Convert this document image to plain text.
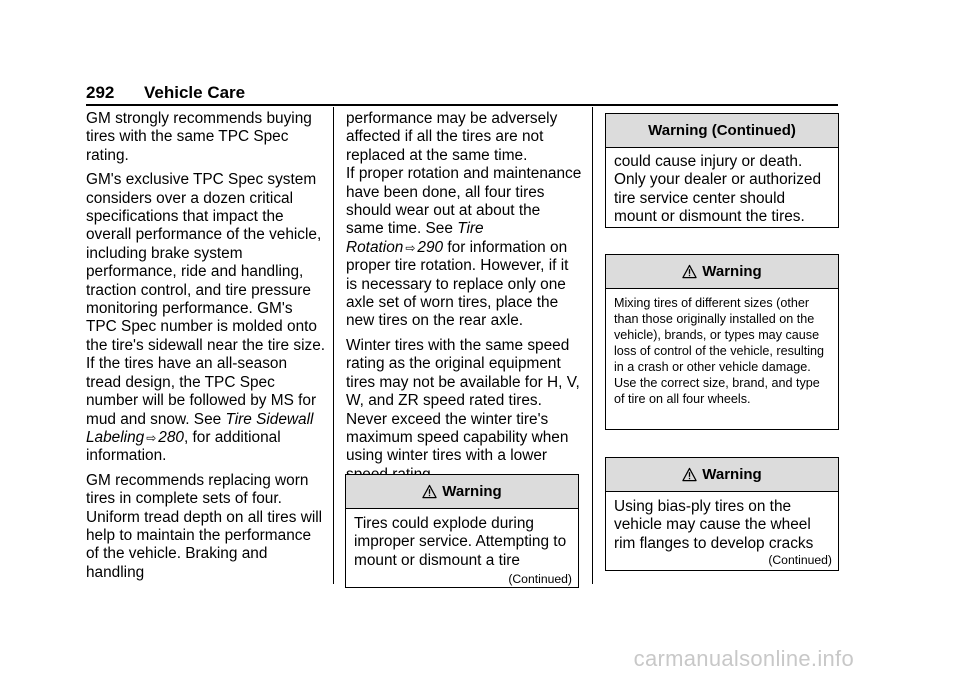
292 Vehicle Care

GM strongly recommends buying tires with the same TPC Spec rating.

GM's exclusive TPC Spec system considers over a dozen critical specifications that impact the overall performance of the vehicle, including brake system performance, ride and handling, traction control, and tire pressure monitoring performance. GM's TPC Spec number is molded onto the tire's sidewall near the tire size. If the tires have an all-season tread design, the TPC Spec number will be followed by MS for mud and snow. See Tire Sidewall Labeling ⇨ 280, for additional information.

GM recommends replacing worn tires in complete sets of four. Uniform tread depth on all tires will help to maintain the performance of the vehicle. Braking and handling

performance may be adversely affected if all the tires are not replaced at the same time.

If proper rotation and maintenance have been done, all four tires should wear out at about the same time. See Tire Rotation ⇨ 290 for information on proper tire rotation. However, if it is necessary to replace only one axle set of worn tires, place the new tires on the rear axle.

Winter tires with the same speed rating as the original equipment tires may not be available for H, V, W, and ZR speed rated tires. Never exceed the winter tire's maximum speed capability when using winter tires with a lower

Warning
Tires could explode during improper service. Attempting to mount or dismount a tire
(Continued)
Warning (Continued)
could cause injury or death. Only your dealer or authorized tire service center should mount or dismount the tires.
Warning
Mixing tires of different sizes (other than those originally installed on the vehicle), brands, or types may cause loss of control of the vehicle, resulting in a crash or other vehicle damage. Use the correct size, brand, and type of tire on all four wheels.
Warning
Using bias-ply tires on the vehicle may cause the wheel rim flanges to develop cracks
(Continued)
carmanualsonline.info
